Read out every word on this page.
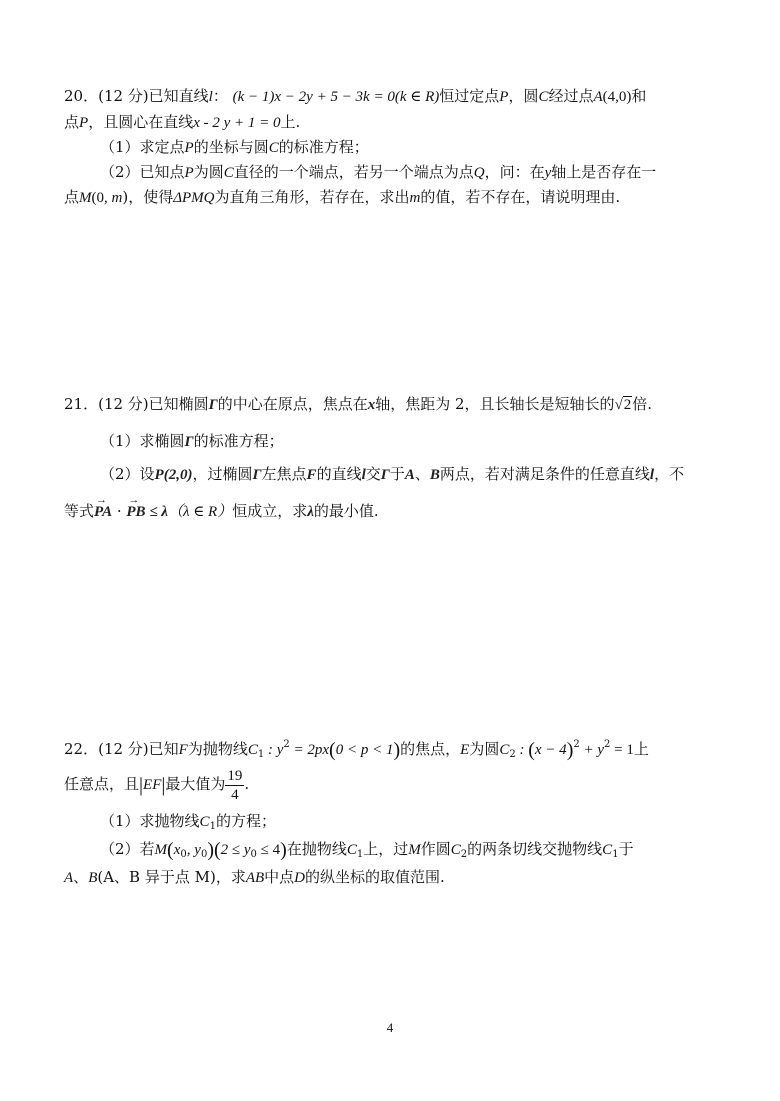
20．(12 分)已知直线l： (k − 1)x − 2y + 5 − 3k = 0(k ∈ R)恒过定点P，圆C经过点A(4,0)和
点P，且圆心在直线x - 2 y + 1 = 0上.
（1）求定点P的坐标与圆C的标准方程；
（2）已知点P为圆C直径的一个端点，若另一个端点为点Q，问：在y轴上是否存在一
点M(0, m)，使得ΔPMQ为直角三角形，若存在，求出m的值，若不存在，请说明理由.
21．(12 分)已知椭圆Γ的中心在原点，焦点在x轴，焦距为 2，且长轴长是短轴长的√2倍.
（1）求椭圆Γ的标准方程；
（2）设P(2,0)，过椭圆Γ左焦点F的直线l交Γ于A、B两点，若对满足条件的任意直线l，不
等式→ PA · → PB ≤ λ（λ ∈ R）恒成立，求λ的最小值.
22．(12 分)已知F为抛物线$C_1$ : $y^2 = 2px(0 < p < 1)$的焦点，E为圆$C_2$ : $(x - 4)^2 + y^2 = 1$上
任意点，且|EF|最大值为 $\frac{19}{4}$ .
（1）求抛物线$C_1$的方程；
（2）若$M(x_0$, $y_0)(2 \le y_0 \le 4)$在抛物线$C_1$上，过M作圆$C_2$的两条切线交抛物线$C_1$于
A、B(A、B 异于点 M)，求AB中点D的纵坐标的取值范围.
4
